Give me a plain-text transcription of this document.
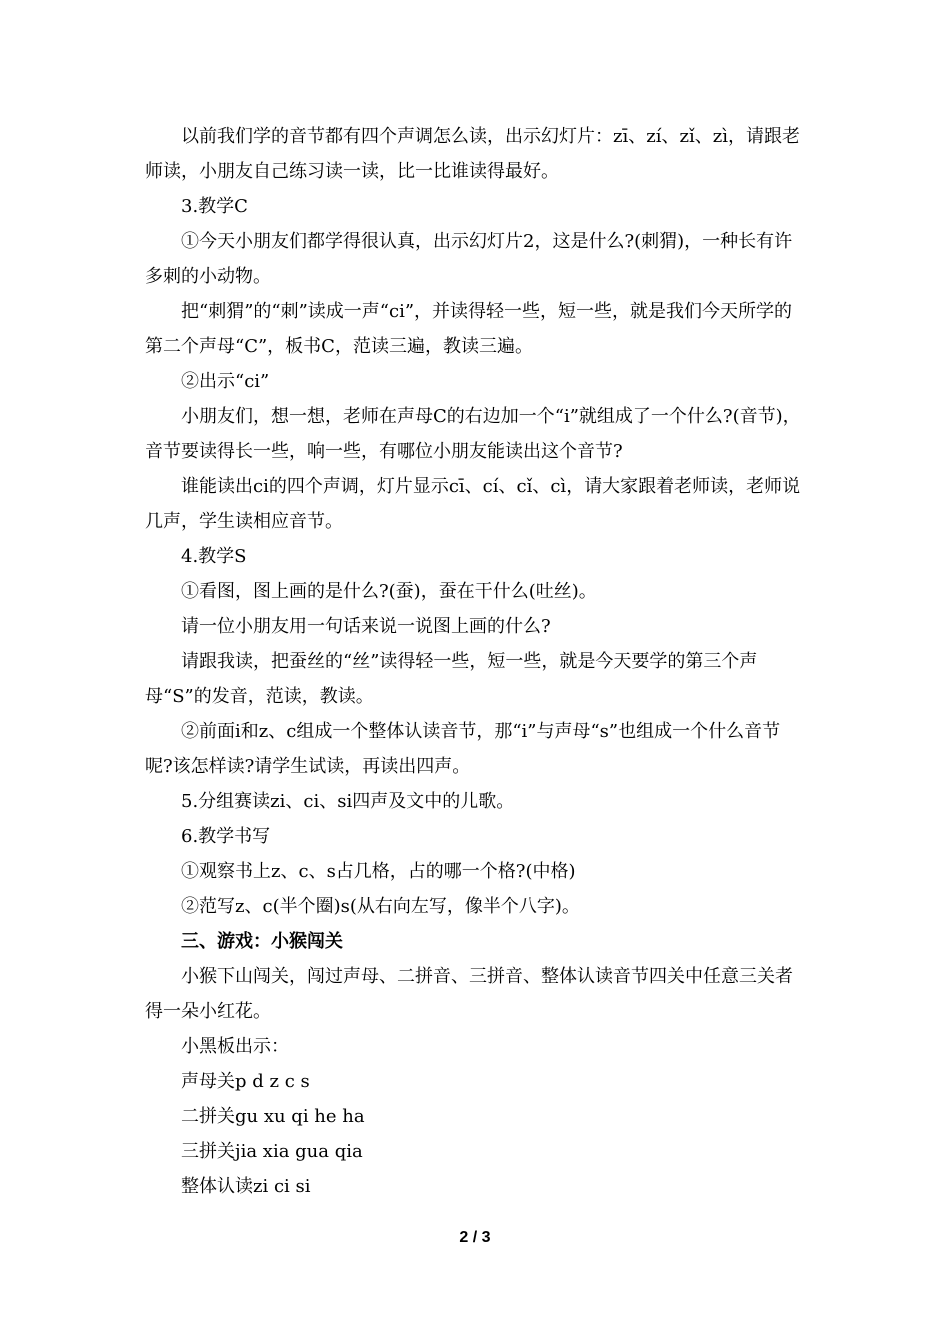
以前我们学的音节都有四个声调怎么读，出示幻灯片：zī、zí、zǐ、zì，请跟老师读，小朋友自己练习读一读，比一比谁读得最好。

3.教学C

①今天小朋友们都学得很认真，出示幻灯片2，这是什么?(刺猬)，一种长有许多刺的小动物。

把“刺猬”的“刺”读成一声“ci”，并读得轻一些，短一些，就是我们今天所学的第二个声母“C”，板书C，范读三遍，教读三遍。

②出示“ci”

小朋友们，想一想，老师在声母C的右边加一个“i”就组成了一个什么?(音节)，音节要读得长一些，响一些，有哪位小朋友能读出这个音节?

谁能读出ci的四个声调，灯片显示cī、cí、cǐ、cì，请大家跟着老师读，老师说几声，学生读相应音节。

4.教学S

①看图，图上画的是什么?(蚕)，蚕在干什么(吐丝)。

请一位小朋友用一句话来说一说图上画的什么?

请跟我读，把蚕丝的“丝”读得轻一些，短一些，就是今天要学的第三个声母“S”的发音，范读，教读。

②前面i和z、c组成一个整体认读音节，那“i”与声母“s”也组成一个什么音节呢?该怎样读?请学生试读，再读出四声。

5.分组赛读zi、ci、si四声及文中的儿歌。

6.教学书写

①观察书上z、c、s占几格，占的哪一个格?(中格)

②范写z、c(半个圈)s(从右向左写，像半个八字)。

三、游戏：小猴闯关

小猴下山闯关，闯过声母、二拼音、三拼音、整体认读音节四关中任意三关者得一朵小红花。

小黑板出示：

声母关p d z c s

二拼关gu xu qi he ha

三拼关jia xia gua qia

整体认读zi ci si

2 / 3
